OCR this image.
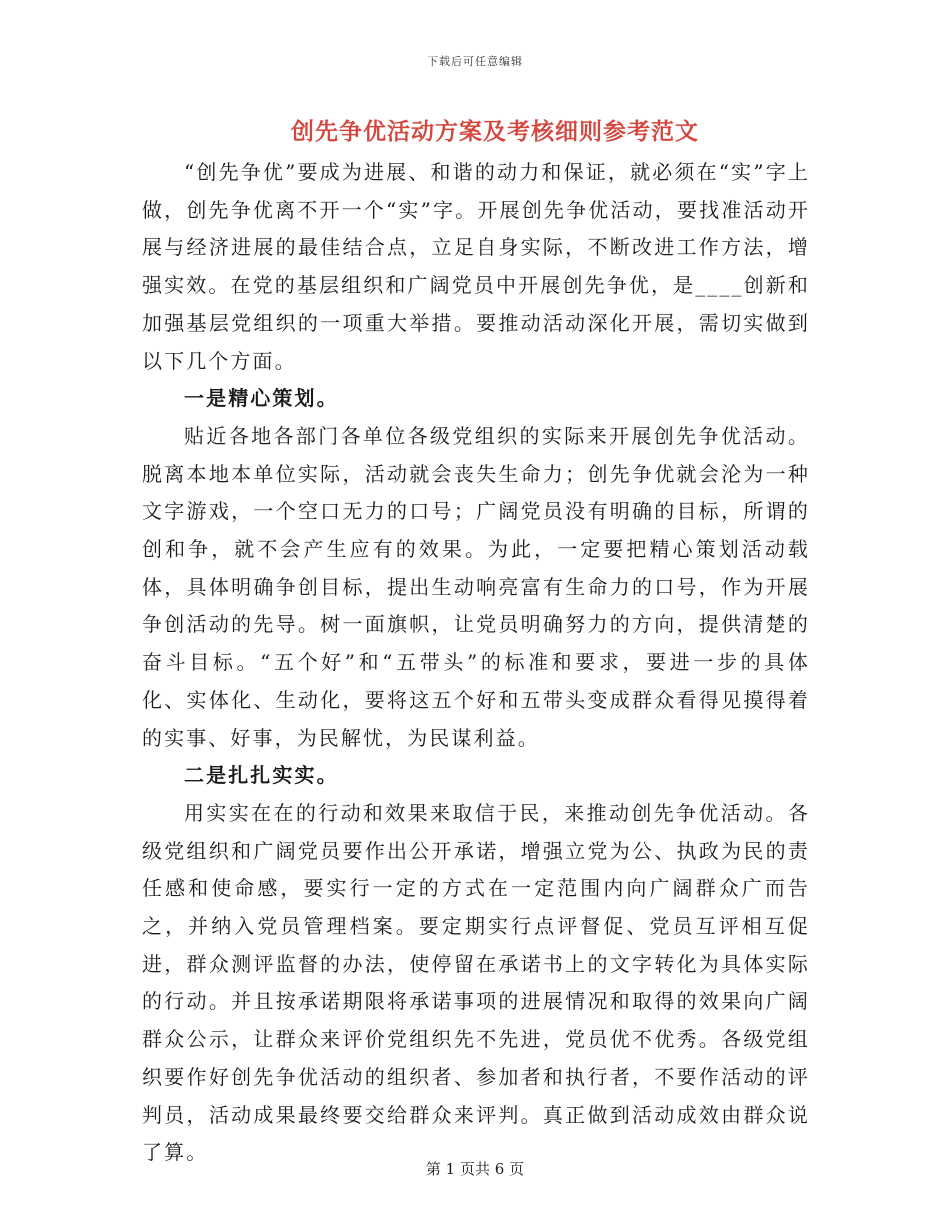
下载后可任意编辑
创先争优活动方案及考核细则参考范文

“创先争优”要成为进展、和谐的动力和保证，就必须在“实”字上做，创先争优离不开一个“实”字。开展创先争优活动，要找准活动开展与经济进展的最佳结合点，立足自身实际，不断改进工作方法，增强实效。在党的基层组织和广阔党员中开展创先争优，是____创新和加强基层党组织的一项重大举措。要推动活动深化开展，需切实做到以下几个方面。

一是精心策划。

贴近各地各部门各单位各级党组织的实际来开展创先争优活动。脱离本地本单位实际，活动就会丧失生命力；创先争优就会沦为一种文字游戏，一个空口无力的口号；广阔党员没有明确的目标，所谓的创和争，就不会产生应有的效果。为此，一定要把精心策划活动载体，具体明确争创目标，提出生动响亮富有生命力的口号，作为开展争创活动的先导。树一面旗帜，让党员明确努力的方向，提供清楚的奋斗目标。“五个好”和“五带头”的标准和要求，要进一步的具体化、实体化、生动化，要将这五个好和五带头变成群众看得见摸得着的实事、好事，为民解忧，为民谋利益。

二是扎扎实实。

用实实在在的行动和效果来取信于民，来推动创先争优活动。各级党组织和广阔党员要作出公开承诺，增强立党为公、执政为民的责任感和使命感，要实行一定的方式在一定范围内向广阔群众广而告之，并纳入党员管理档案。要定期实行点评督促、党员互评相互促进，群众测评监督的办法，使停留在承诺书上的文字转化为具体实际的行动。并且按承诺期限将承诺事项的进展情况和取得的效果向广阔群众公示，让群众来评价党组织先不先进，党员优不优秀。各级党组织要作好创先争优活动的组织者、参加者和执行者，不要作活动的评判员，活动成果最终要交给群众来评判。真正做到活动成效由群众说了算。

第 1 页共 6 页
